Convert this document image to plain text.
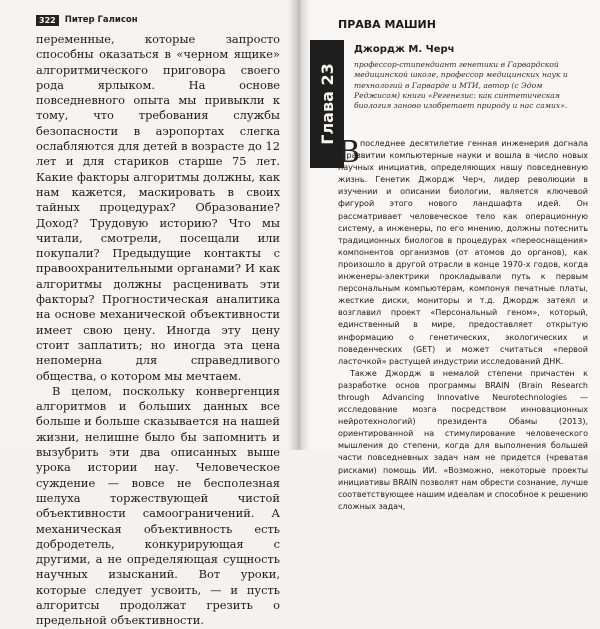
322	Питер Галисон

переменные, которые запросто способны оказаться в «черном ящике» алгоритмического приговора своего рода ярлыком. На основе повседневного опыта мы привыкли к тому, что требования службы безопасности в аэропортах слегка ослабляются для детей в возрасте до 12 лет и для стариков старше 75 лет. Какие факторы алгоритмы должны, как нам кажется, маскировать в своих тайных процедурах? Образование? Доход? Трудовую историю? Что мы читали, смотрели, посещали или покупали? Предыдущие контакты с правоохранительными органами? И как алгоритмы должны расценивать эти факторы? Прогностическая аналитика на основе механической объективности имеет свою цену. Иногда эту цену стоит заплатить; но иногда эта цена непомерна для справедливого общества, о котором мы мечтаем.

В целом, поскольку конвергенция алгоритмов и больших данных все больше и больше сказывается на нашей жизни, нелишне было бы запомнить и вызубрить эти два описанных выше урока истории нау. Человеческое суждение — вовсе не бесполезная шелуха торжествующей чистой объективности самоограничений. А механическая объективность есть добродетель, конкурирующая с другими, а не определяющая сущность научных изысканий. Вот уроки, которые следует усвоить, — и пусть алгоритсы продолжат грезить о предельной объективности.

ПРАВА МАШИН
Глава 23
Джордж М. Черч
профессор-стипендиант генетики в Гарвардской медицинской школе, профессор медицинских наук и технологий в Гарварде и МТИ, автор (с Эдом Реджисом) книги «Регенезис: как синтетическая биология заново изобретает природу и нас самих».
В последнее десятилетие генная инженерия догнала в развитии компьютерные науки и вошла в число новых научных инициатив, определяющих нашу повседневную жизнь. Генетик Джордж Черч, лидер революции в изучении и описании биологии, является ключевой фигурой этого нового ландшафта идей. Он рассматривает человеческое тело как операционную систему, а инженеры, по его мнению, должны потеснить традиционных биологов в процедурах «переоснащения» компонентов организмов (от атомов до органов), как произошло в другой отрасли в конце 1970-х годов, когда инженеры-электрики прокладывали путь к первым персональным компьютерам, компонуя печатные платы, жесткие диски, мониторы и т.д. Джордж затеял и возглавил проект «Персональный геном», который, единственный в мире, предоставляет открытую информацию о генетических, экологических и поведенческих (GET) и может считаться «первой ласточкой» растущей индустрии исследований ДНК.

Также Джордж в немалой степени причастен к разработке основ программы BRAIN (Brain Research through Advancing Innovative Neurotechnologies — исследование мозга посредством инновационных нейротехнологий) президента Обамы (2013), ориентированной на стимулирование человеческого мышления до степени, когда для выполнения большей части повседневных задач нам не придется (чреватая рисками) помощь ИИ. «Возможно, некоторые проекты инициативы BRAIN позволят нам обрести сознание, лучше соответствующее нашим идеалам и способное к решению сложных задач,
